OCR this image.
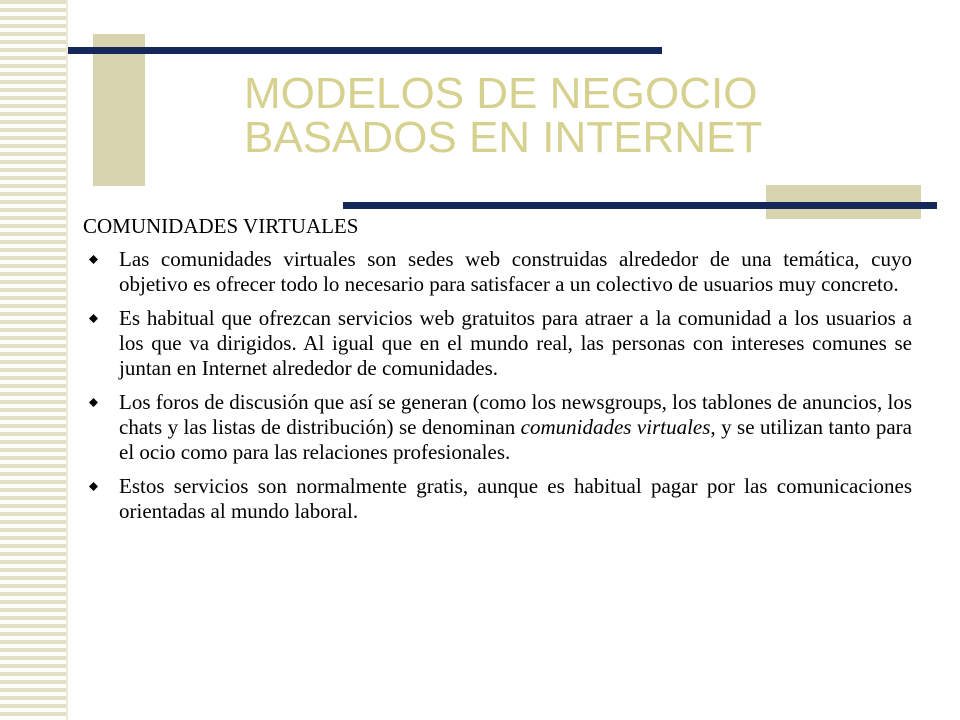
MODELOS DE NEGOCIO
BASADOS EN INTERNET
COMUNIDADES VIRTUALES
Las comunidades virtuales son sedes web construidas alrededor de una temática, cuyo objetivo es ofrecer todo lo necesario para satisfacer a un colectivo de usuarios muy concreto.
Es habitual que ofrezcan servicios web gratuitos para atraer a la comunidad a los usuarios a los que va dirigidos. Al igual que en el mundo real, las personas con intereses comunes se juntan en Internet alrededor de comunidades.
Los foros de discusión que así se generan (como los newsgroups, los tablones de anuncios, los chats y las listas de distribución) se denominan comunidades virtuales, y se utilizan tanto para el ocio como para las relaciones profesionales.
Estos servicios son normalmente gratis, aunque es habitual pagar por las comunicaciones orientadas al mundo laboral.
